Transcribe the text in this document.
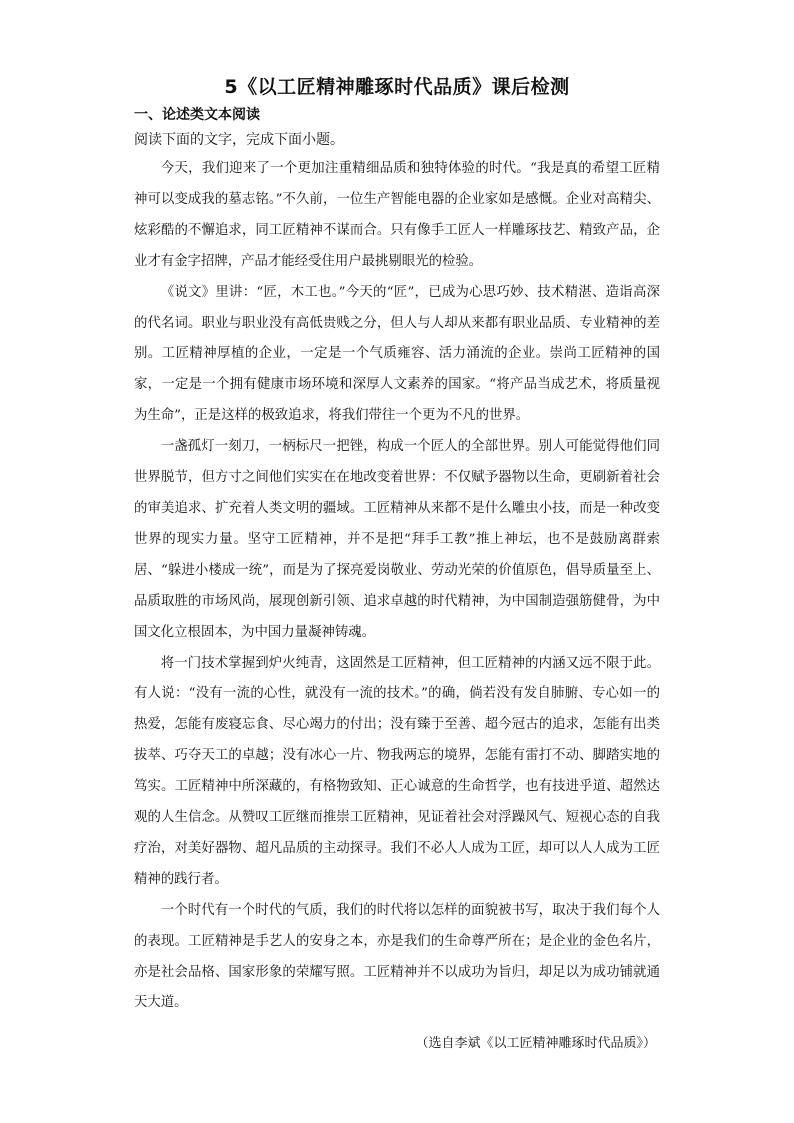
5《以工匠精神雕琢时代品质》课后检测
一、论述类文本阅读
阅读下面的文字，完成下面小题。

今天，我们迎来了一个更加注重精细品质和独特体验的时代。“我是真的希望工匠精神可以变成我的墓志铭。”不久前，一位生产智能电器的企业家如是感慨。企业对高精尖、炫彩酷的不懈追求，同工匠精神不谋而合。只有像手工匠人一样雕琢技艺、精致产品，企业才有金字招牌，产品才能经受住用户最挑剔眼光的检验。

《说文》里讲：“匠，木工也。”今天的“匠”，已成为心思巧妙、技术精湛、造诣高深的代名词。职业与职业没有高低贵贱之分，但人与人却从来都有职业品质、专业精神的差别。工匠精神厚植的企业，一定是一个气质雍容、活力涌流的企业。崇尚工匠精神的国家，一定是一个拥有健康市场环境和深厚人文素养的国家。“将产品当成艺术，将质量视为生命”，正是这样的极致追求，将我们带往一个更为不凡的世界。

一盏孤灯一刻刀，一柄标尺一把锉，构成一个匠人的全部世界。别人可能觉得他们同世界脱节，但方寸之间他们实实在在地改变着世界：不仅赋予器物以生命，更刷新着社会的审美追求、扩充着人类文明的疆域。工匠精神从来都不是什么雕虫小技，而是一种改变世界的现实力量。坚守工匠精神，并不是把“拜手工教”推上神坛，也不是鼓励离群索居、“躲进小楼成一统”，而是为了探亮爱岗敬业、劳动光荣的价值原色，倡导质量至上、品质取胜的市场风尚，展现创新引领、追求卓越的时代精神，为中国制造强筋健骨，为中国文化立根固本，为中国力量凝神铸魂。

将一门技术掌握到炉火纯青，这固然是工匠精神，但工匠精神的内涵又远不限于此。有人说：“没有一流的心性，就没有一流的技术。”的确，倘若没有发自肺腑、专心如一的热爱，怎能有废寝忘食、尽心竭力的付出；没有臻于至善、超今冠古的追求，怎能有出类拔萃、巧夺天工的卓越；没有冰心一片、物我两忘的境界，怎能有雷打不动、脚踏实地的笃实。工匠精神中所深藏的，有格物致知、正心诚意的生命哲学，也有技进乎道、超然达观的人生信念。从赞叹工匠继而推崇工匠精神，见证着社会对浮躁风气、短视心态的自我疗治，对美好器物、超凡品质的主动探寻。我们不必人人成为工匠，却可以人人成为工匠精神的践行者。

一个时代有一个时代的气质，我们的时代将以怎样的面貌被书写，取决于我们每个人的表现。工匠精神是手艺人的安身之本，亦是我们的生命尊严所在；是企业的金色名片，亦是社会品格、国家形象的荣耀写照。工匠精神并不以成功为旨归，却足以为成功铺就通天大道。

（选自李斌《以工匠精神雕琢时代品质》）
